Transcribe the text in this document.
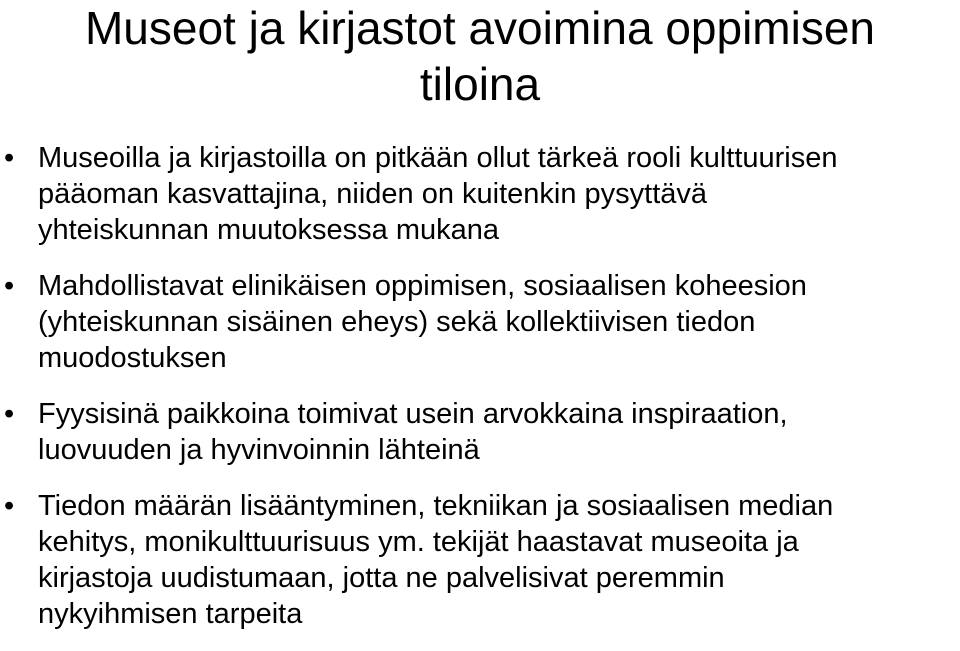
Museot ja kirjastot avoimina oppimisen
tiloina
• Museoilla ja kirjastoilla on pitkään ollut tärkeä rooli kulttuurisen
pääoman kasvattajina, niiden on kuitenkin pysyttävä
yhteiskunnan muutoksessa mukana
• Mahdollistavat elinikäisen oppimisen, sosiaalisen koheesion
(yhteiskunnan sisäinen eheys) sekä kollektiivisen tiedon
muodostuksen
• Fyysisinä paikkoina toimivat usein arvokkaina inspiraation,
luovuuden ja hyvinvoinnin lähteinä
• Tiedon määrän lisääntyminen, tekniikan ja sosiaalisen median
kehitys, monikulttuurisuus ym. tekijät haastavat museoita ja
kirjastoja uudistumaan, jotta ne palvelisivat peremmin
nykyihmisen tarpeita
